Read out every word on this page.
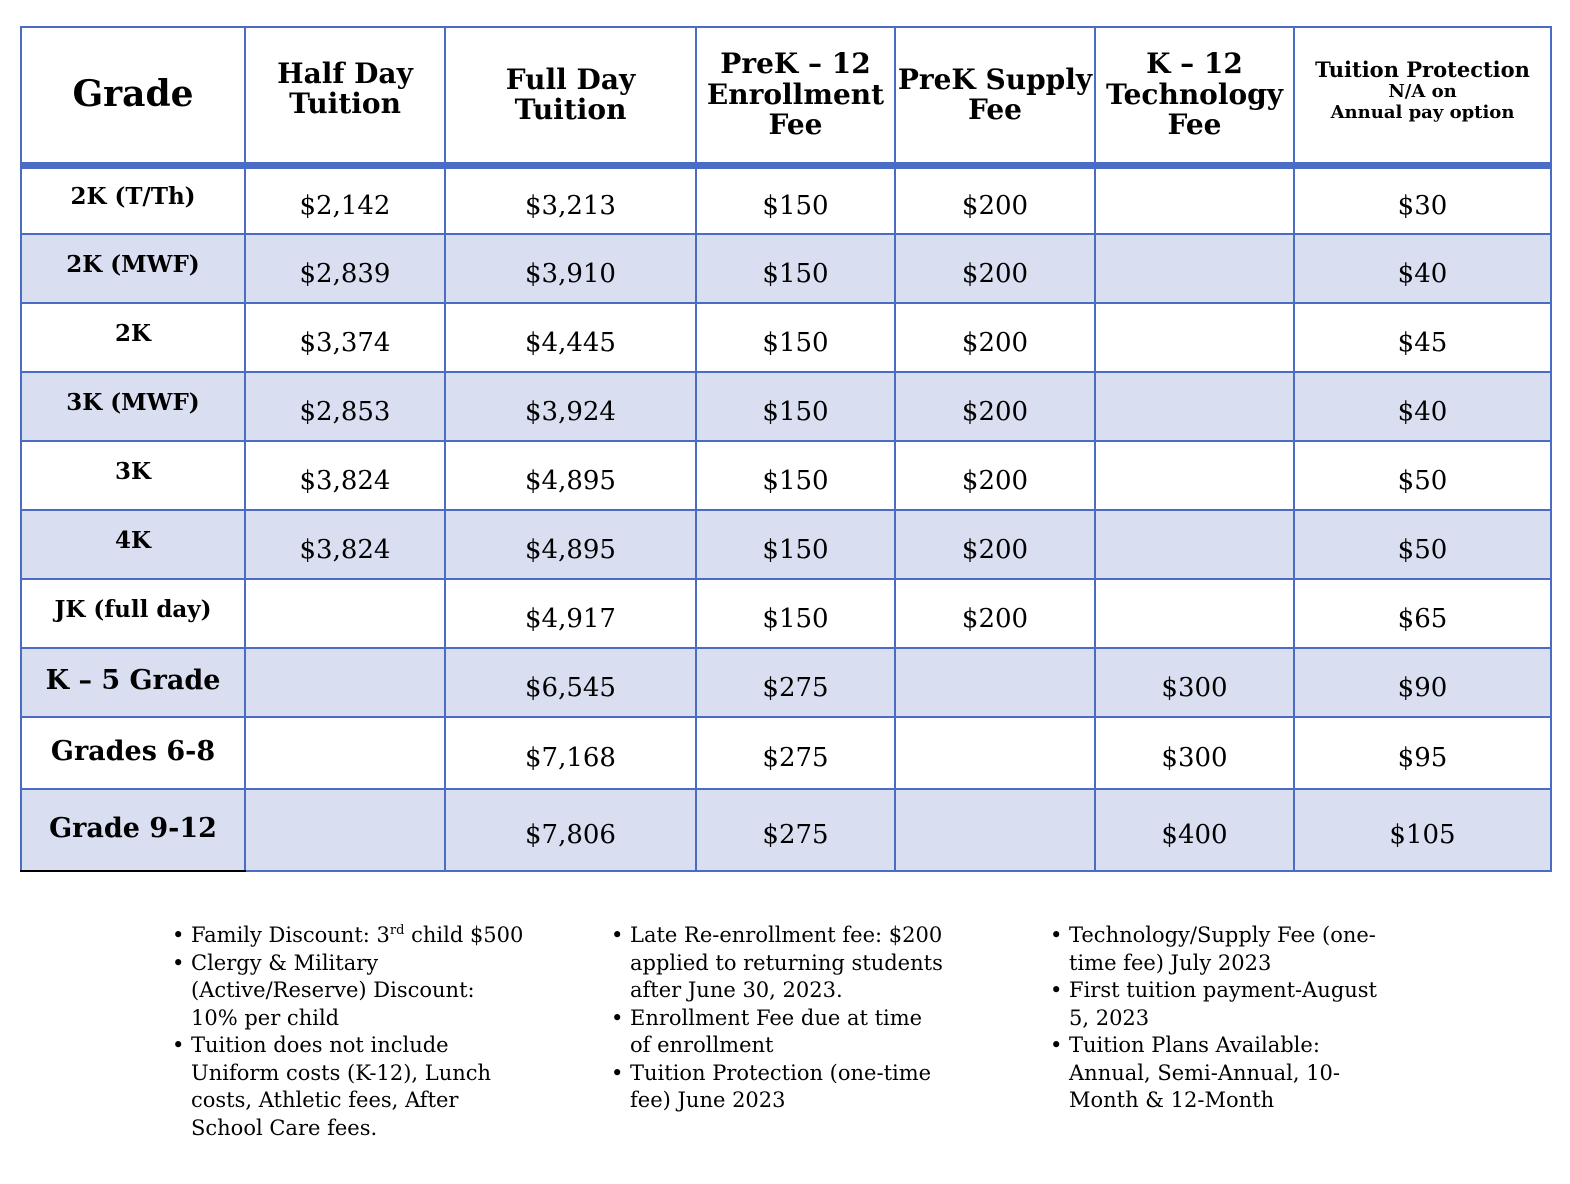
Grade	Half Day Tuition	Full Day Tuition	PreK – 12 Enrollment Fee	PreK Supply Fee	K – 12 Technology Fee	Tuition Protection
N/A on
Annual pay option

2K (T/Th)	$2,142	$3,213	$150	$200		$30
2K (MWF)	$2,839	$3,910	$150	$200		$40
2K	$3,374	$4,445	$150	$200		$45
3K (MWF)	$2,853	$3,924	$150	$200		$40
3K	$3,824	$4,895	$150	$200		$50
4K	$3,824	$4,895	$150	$200		$50
JK (full day)		$4,917	$150	$200		$65
K – 5 Grade		$6,545	$275		$300	$90
Grades 6-8		$7,168	$275		$300	$95
Grade 9-12		$7,806	$275		$400	$105
• Family Discount: 3rd child $500
• Clergy & Military (Active/Reserve) Discount: 10% per child
• Tuition does not include Uniform costs (K-12), Lunch costs, Athletic fees, After School Care fees.
• Late Re-enrollment fee: $200 applied to returning students after June 30, 2023.
• Enrollment Fee due at time of enrollment
• Tuition Protection (one-time fee) June 2023
• Technology/Supply Fee (one-time fee) July 2023
• First tuition payment-August 5, 2023
• Tuition Plans Available: Annual, Semi-Annual, 10-Month & 12-Month
